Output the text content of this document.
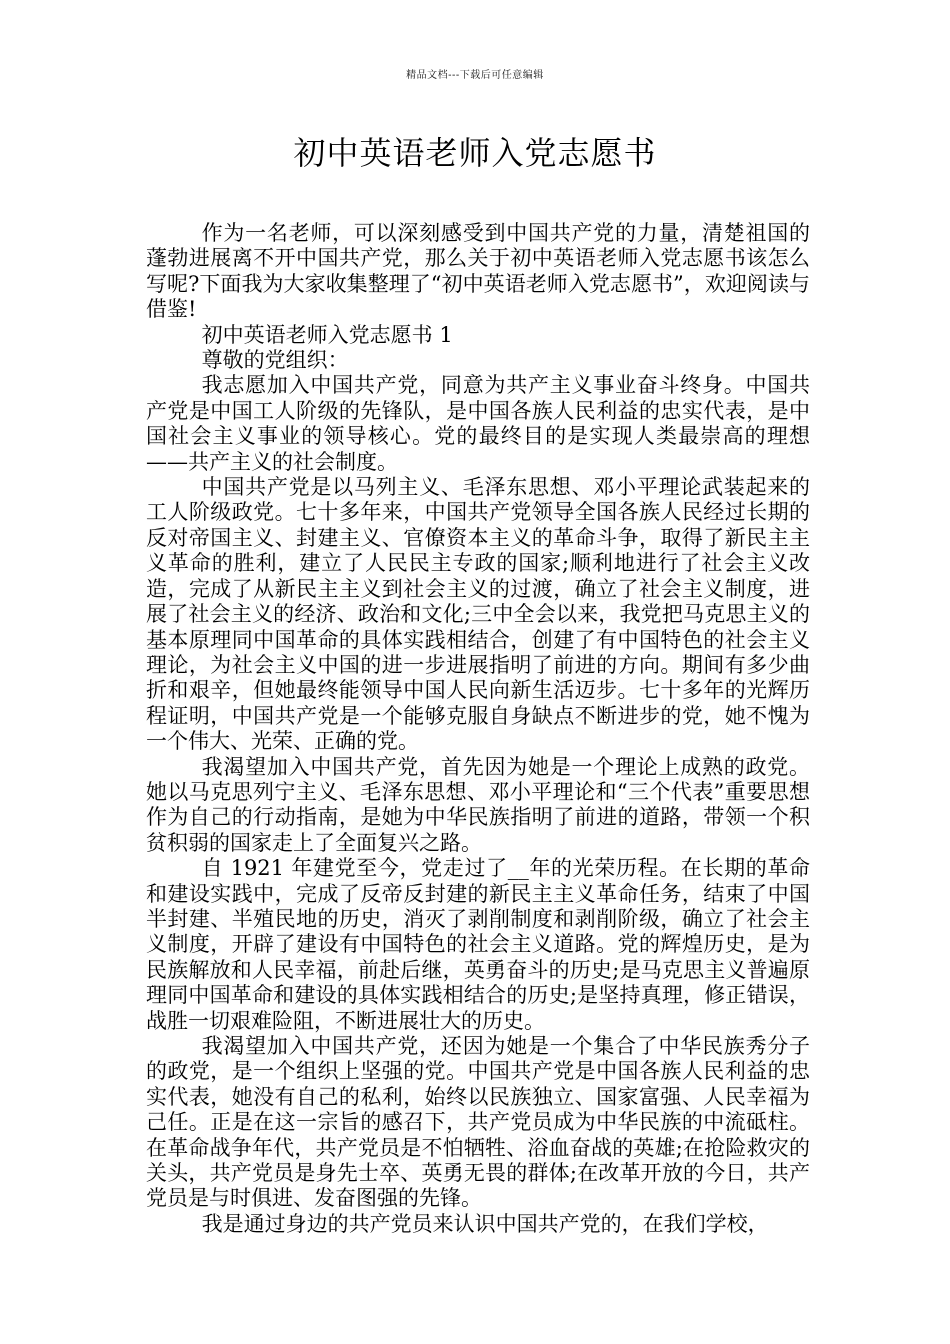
精品文档---下载后可任意编辑
初中英语老师入党志愿书

作为一名老师，可以深刻感受到中国共产党的力量，清楚祖国的蓬勃进展离不开中国共产党，那么关于初中英语老师入党志愿书该怎么写呢?下面我为大家收集整理了“初中英语老师入党志愿书”，欢迎阅读与借鉴!

初中英语老师入党志愿书 1

尊敬的党组织：

我志愿加入中国共产党，同意为共产主义事业奋斗终身。中国共产党是中国工人阶级的先锋队，是中国各族人民利益的忠实代表，是中国社会主义事业的领导核心。党的最终目的是实现人类最崇高的理想——共产主义的社会制度。

中国共产党是以马列主义、毛泽东思想、邓小平理论武装起来的工人阶级政党。七十多年来，中国共产党领导全国各族人民经过长期的反对帝国主义、封建主义、官僚资本主义的革命斗争，取得了新民主主义革命的胜利，建立了人民民主专政的国家;顺利地进行了社会主义改造，完成了从新民主主义到社会主义的过渡，确立了社会主义制度，进展了社会主义的经济、政治和文化;三中全会以来，我党把马克思主义的基本原理同中国革命的具体实践相结合，创建了有中国特色的社会主义理论，为社会主义中国的进一步进展指明了前进的方向。期间有多少曲折和艰辛，但她最终能领导中国人民向新生活迈步。七十多年的光辉历程证明，中国共产党是一个能够克服自身缺点不断进步的党，她不愧为一个伟大、光荣、正确的党。

我渴望加入中国共产党，首先因为她是一个理论上成熟的政党。她以马克思列宁主义、毛泽东思想、邓小平理论和“三个代表”重要思想作为自己的行动指南，是她为中华民族指明了前进的道路，带领一个积贫积弱的国家走上了全面复兴之路。

自 1921 年建党至今，党走过了__年的光荣历程。在长期的革命和建设实践中，完成了反帝反封建的新民主主义革命任务，结束了中国半封建、半殖民地的历史，消灭了剥削制度和剥削阶级，确立了社会主义制度，开辟了建设有中国特色的社会主义道路。党的辉煌历史，是为民族解放和人民幸福，前赴后继，英勇奋斗的历史;是马克思主义普遍原理同中国革命和建设的具体实践相结合的历史;是坚持真理，修正错误，战胜一切艰难险阻，不断进展壮大的历史。

我渴望加入中国共产党，还因为她是一个集合了中华民族秀分子的政党，是一个组织上坚强的党。中国共产党是中国各族人民利益的忠实代表，她没有自己的私利，始终以民族独立、国家富强、人民幸福为己任。正是在这一宗旨的感召下，共产党员成为中华民族的中流砥柱。在革命战争年代，共产党员是不怕牺牲、浴血奋战的英雄;在抢险救灾的关头，共产党员是身先士卒、英勇无畏的群体;在改革开放的今日，共产党员是与时俱进、发奋图强的先锋。

我是通过身边的共产党员来认识中国共产党的，在我们学校，
